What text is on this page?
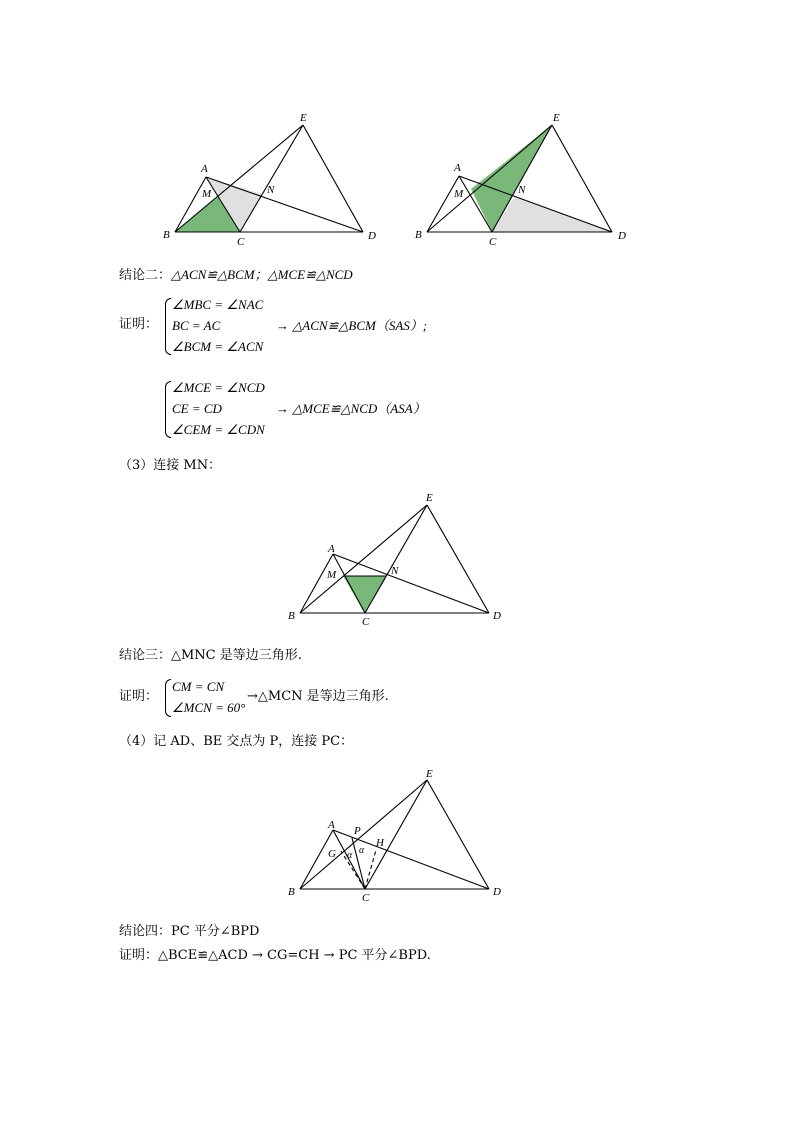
A
B
C	D
E
M	N
A
B
C	D
E
M	N
结论二：△ACN≌△BCM；△MCE≌△NCD
证明：
∠MBC = ∠NAC
BC = AC
∠BCM = ∠ACN
→ △ACN≌△BCM（SAS）;
∠MCE = ∠NCD
CE = CD
∠CEM = ∠CDN
→ △MCE≌△NCD（ASA）
（3）连接 MN：
A
B	C	D
E
M	N
结论三：△MNC 是等边三角形.
证明：
CM = CN
∠MCN = 60°
→△MCN 是等边三角形.
（4）记 AD、BE 交点为 P，连接 PC：
A P
G
H
α α
B	C	D
E
结论四：PC 平分∠BPD
证明：△BCE≌△ACD → CG=CH → PC 平分∠BPD.
